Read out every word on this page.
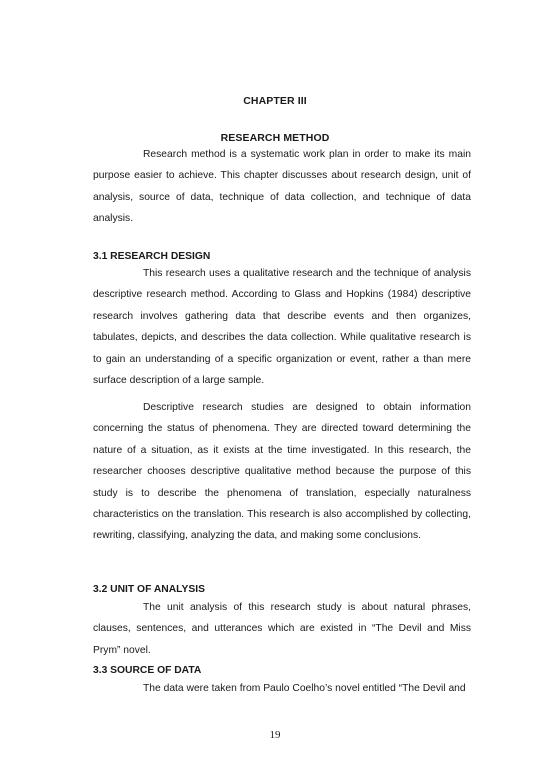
CHAPTER III
RESEARCH METHOD

Research method is a systematic work plan in order to make its main purpose easier to achieve. This chapter discusses about research design, unit of analysis, source of data, technique of data collection, and technique of data analysis.

3.1 RESEARCH DESIGN

This research uses a qualitative research and the technique of analysis descriptive research method. According to Glass and Hopkins (1984) descriptive research involves gathering data that describe events and then organizes, tabulates, depicts, and describes the data collection. While qualitative research is to gain an understanding of a specific organization or event, rather a than mere surface description of a large sample.

Descriptive research studies are designed to obtain information concerning the status of phenomena. They are directed toward determining the nature of a situation, as it exists at the time investigated. In this research, the researcher chooses descriptive qualitative method because the purpose of this study is to describe the phenomena of translation, especially naturalness characteristics on the translation. This research is also accomplished by collecting, rewriting, classifying, analyzing the data, and making some conclusions.

3.2 UNIT OF ANALYSIS

The unit analysis of this research study is about natural phrases, clauses, sentences, and utterances which are existed in “The Devil and Miss Prym” novel.

3.3 SOURCE OF DATA

The data were taken from Paulo Coelho’s novel entitled “The Devil and

19
